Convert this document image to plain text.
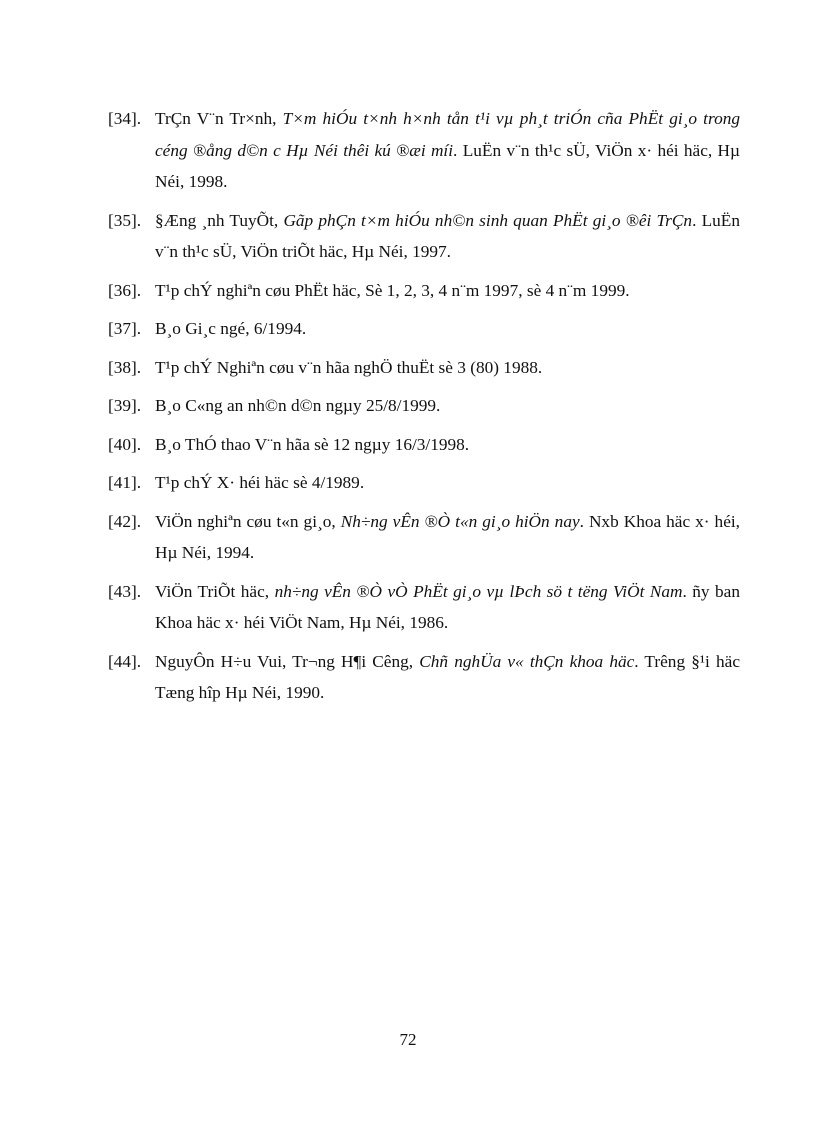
[34]. TrÇn V¨n Tr×nh, T×m hiÓu t×nh h×nh tån t¹i vµ ph¸t triÓn cña PhËt gi¸o trong céng ®ång d©n c Hµ Néi thêi kú ®æi míi. LuËn v¨n th¹c sÜ, ViÖn x· héi häc, Hµ Néi, 1998.
[35]. §Æng ¸nh TuyÕt, Gãp phÇn t×m hiÓu nh©n sinh quan PhËt gi¸o ®êi TrÇn. LuËn v¨n th¹c sÜ, ViÖn triÕt häc, Hµ Néi, 1997.
[36]. T¹p chÝ nghiªn cøu PhËt häc, Sè 1, 2, 3, 4 n¨m 1997, sè 4 n¨m 1999.
[37]. B¸o Gi¸c ngé, 6/1994.
[38]. T¹p chÝ Nghiªn cøu v¨n hãa nghÖ thuËt sè 3 (80) 1988.
[39]. B¸o C«ng an nh©n d©n ngµy 25/8/1999.
[40]. B¸o ThÓ thao V¨n hãa sè 12 ngµy 16/3/1998.
[41]. T¹p chÝ X· héi häc sè 4/1989.
[42]. ViÖn nghiªn cøu t«n gi¸o, Nh÷ng vÊn ®Ò t«n gi¸o hiÖn nay. Nxb Khoa häc x· héi, Hµ Néi, 1994.
[43]. ViÖn TriÕt häc, nh÷ng vÊn ®Ò vÒ PhËt gi¸o vµ lÞch sö t tëng ViÖt Nam. ñy ban Khoa häc x· héi ViÖt Nam, Hµ Néi, 1986.
[44]. NguyÔn H÷u Vui, Tr¬ng H¶i Cêng, Chñ nghÜa v« thÇn khoa häc. Trêng §¹i häc Tæng hîp Hµ Néi, 1990.
72
